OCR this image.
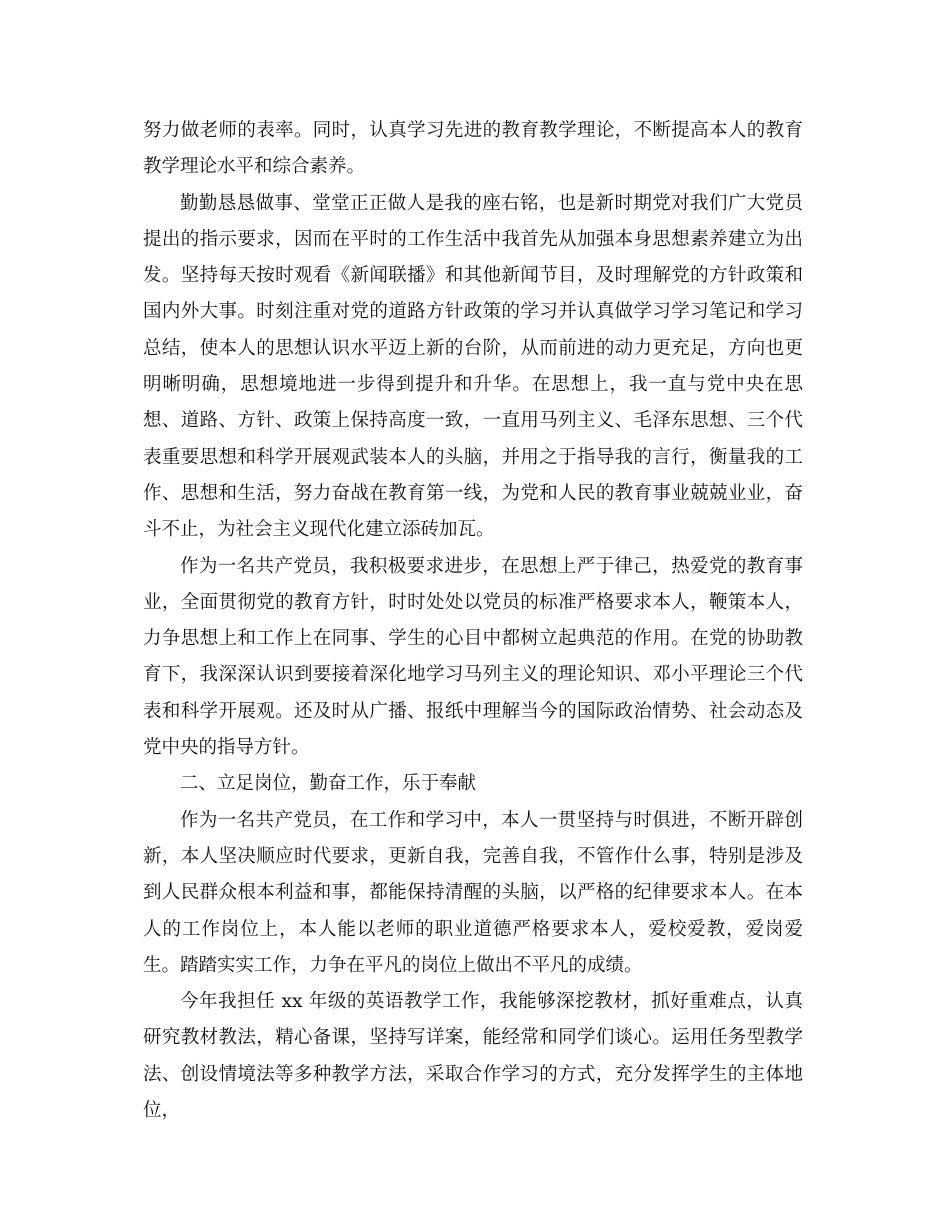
努力做老师的表率。同时，认真学习先进的教育教学理论，不断提高本人的教育教学理论水平和综合素养。

勤勤恳恳做事、堂堂正正做人是我的座右铭，也是新时期党对我们广大党员提出的指示要求，因而在平时的工作生活中我首先从加强本身思想素养建立为出发。坚持每天按时观看《新闻联播》和其他新闻节目，及时理解党的方针政策和国内外大事。时刻注重对党的道路方针政策的学习并认真做学习学习笔记和学习总结，使本人的思想认识水平迈上新的台阶，从而前进的动力更充足，方向也更明晰明确，思想境地进一步得到提升和升华。在思想上，我一直与党中央在思想、道路、方针、政策上保持高度一致，一直用马列主义、毛泽东思想、三个代表重要思想和科学开展观武装本人的头脑，并用之于指导我的言行，衡量我的工作、思想和生活，努力奋战在教育第一线，为党和人民的教育事业兢兢业业，奋斗不止，为社会主义现代化建立添砖加瓦。

作为一名共产党员，我积极要求进步，在思想上严于律己，热爱党的教育事业，全面贯彻党的教育方针，时时处处以党员的标准严格要求本人，鞭策本人，力争思想上和工作上在同事、学生的心目中都树立起典范的作用。在党的协助教育下，我深深认识到要接着深化地学习马列主义的理论知识、邓小平理论三个代表和科学开展观。还及时从广播、报纸中理解当今的国际政治情势、社会动态及党中央的指导方针。

二、立足岗位，勤奋工作，乐于奉献

作为一名共产党员，在工作和学习中，本人一贯坚持与时俱进，不断开辟创新，本人坚决顺应时代要求，更新自我，完善自我，不管作什么事，特别是涉及到人民群众根本利益和事，都能保持清醒的头脑，以严格的纪律要求本人。在本人的工作岗位上，本人能以老师的职业道德严格要求本人，爱校爱教，爱岗爱生。踏踏实实工作，力争在平凡的岗位上做出不平凡的成绩。

今年我担任 xx 年级的英语教学工作，我能够深挖教材，抓好重难点，认真研究教材教法，精心备课，坚持写详案，能经常和同学们谈心。运用任务型教学法、创设情境法等多种教学方法，采取合作学习的方式，充分发挥学生的主体地位，
